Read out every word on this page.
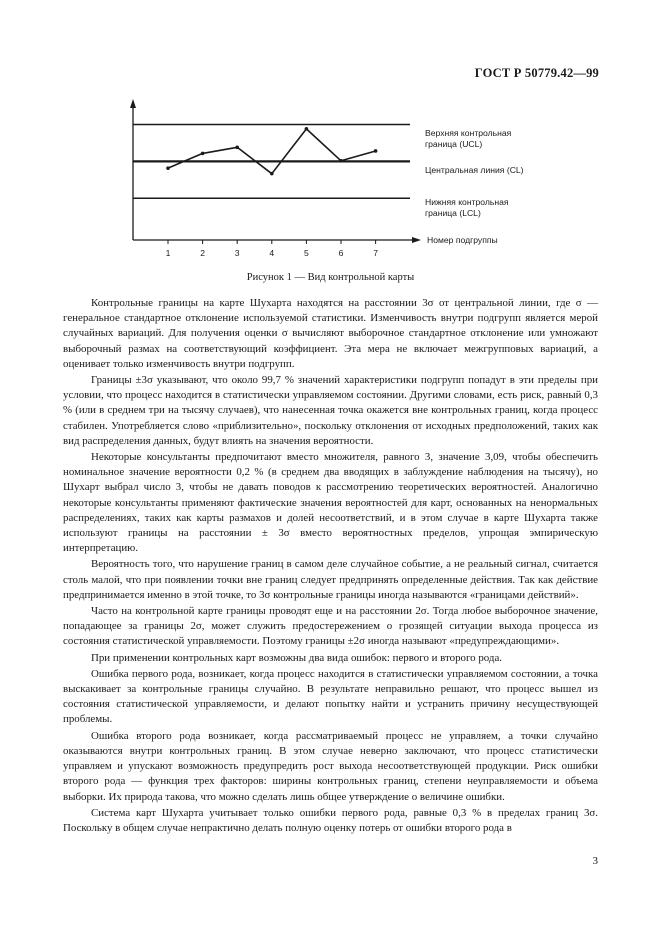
ГОСТ Р 50779.42—99
1	2	3	4	5	6	7
Верхняя контрольная
граница (UCL)
Центральная линия (CL)
Нижняя контрольная
граница (LCL)
Номер подгруппы
Рисунок 1 — Вид контрольной карты

Контрольные границы на карте Шухарта находятся на расстоянии 3σ от центральной линии, где σ — генеральное стандартное отклонение используемой статистики. Изменчивость внутри подгрупп является мерой случайных вариаций. Для получения оценки σ вычисляют выборочное стандартное отклонение или умножают выборочный размах на соответствующий коэффициент. Эта мера не включает межгрупповых вариаций, а оценивает только изменчивость внутри подгрупп.

Границы ±3σ указывают, что около 99,7 % значений характеристики подгрупп попадут в эти пределы при условии, что процесс находится в статистически управляемом состоянии. Другими словами, есть риск, равный 0,3 % (или в среднем три на тысячу случаев), что нанесенная точка окажется вне контрольных границ, когда процесс стабилен. Употребляется слово «приблизительно», поскольку отклонения от исходных предположений, таких как вид распределения данных, будут влиять на значения вероятности.

Некоторые консультанты предпочитают вместо множителя, равного 3, значение 3,09, чтобы обеспечить номинальное значение вероятности 0,2 % (в среднем два вводящих в заблуждение наблюдения на тысячу), но Шухарт выбрал число 3, чтобы не давать поводов к рассмотрению теоретических вероятностей. Аналогично некоторые консультанты применяют фактические значения вероятностей для карт, основанных на ненормальных распределениях, таких как карты размахов и долей несоответствий, и в этом случае в карте Шухарта также используют границы на расстоянии ± 3σ вместо вероятностных пределов, упрощая эмпирическую интерпретацию.

Вероятность того, что нарушение границ в самом деле случайное событие, а не реальный сигнал, считается столь малой, что при появлении точки вне границ следует предпринять определенные действия. Так как действие предпринимается именно в этой точке, то 3σ контрольные границы иногда называются «границами действий».

Часто на контрольной карте границы проводят еще и на расстоянии 2σ. Тогда любое выборочное значение, попадающее за границы 2σ, может служить предостережением о грозящей ситуации выхода процесса из состояния статистической управляемости. Поэтому границы ±2σ иногда называют «предупреждающими».

При применении контрольных карт возможны два вида ошибок: первого и второго рода.

Ошибка первого рода, возникает, когда процесс находится в статистически управляемом состоянии, а точка выскакивает за контрольные границы случайно. В результате неправильно решают, что процесс вышел из состояния статистической управляемости, и делают попытку найти и устранить причину несуществующей проблемы.

Ошибка второго рода возникает, когда рассматриваемый процесс не управляем, а точки случайно оказываются внутри контрольных границ. В этом случае неверно заключают, что процесс статистически управляем и упускают возможность предупредить рост выхода несоответствующей продукции. Риск ошибки второго рода — функция трех факторов: ширины контрольных границ, степени неуправляемости и объема выборки. Их природа такова, что можно сделать лишь общее утверждение о величине ошибки.

Система карт Шухарта учитывает только ошибки первого рода, равные 0,3 % в пределах границ 3σ. Поскольку в общем случае непрактично делать полную оценку потерь от ошибки второго рода в

3
